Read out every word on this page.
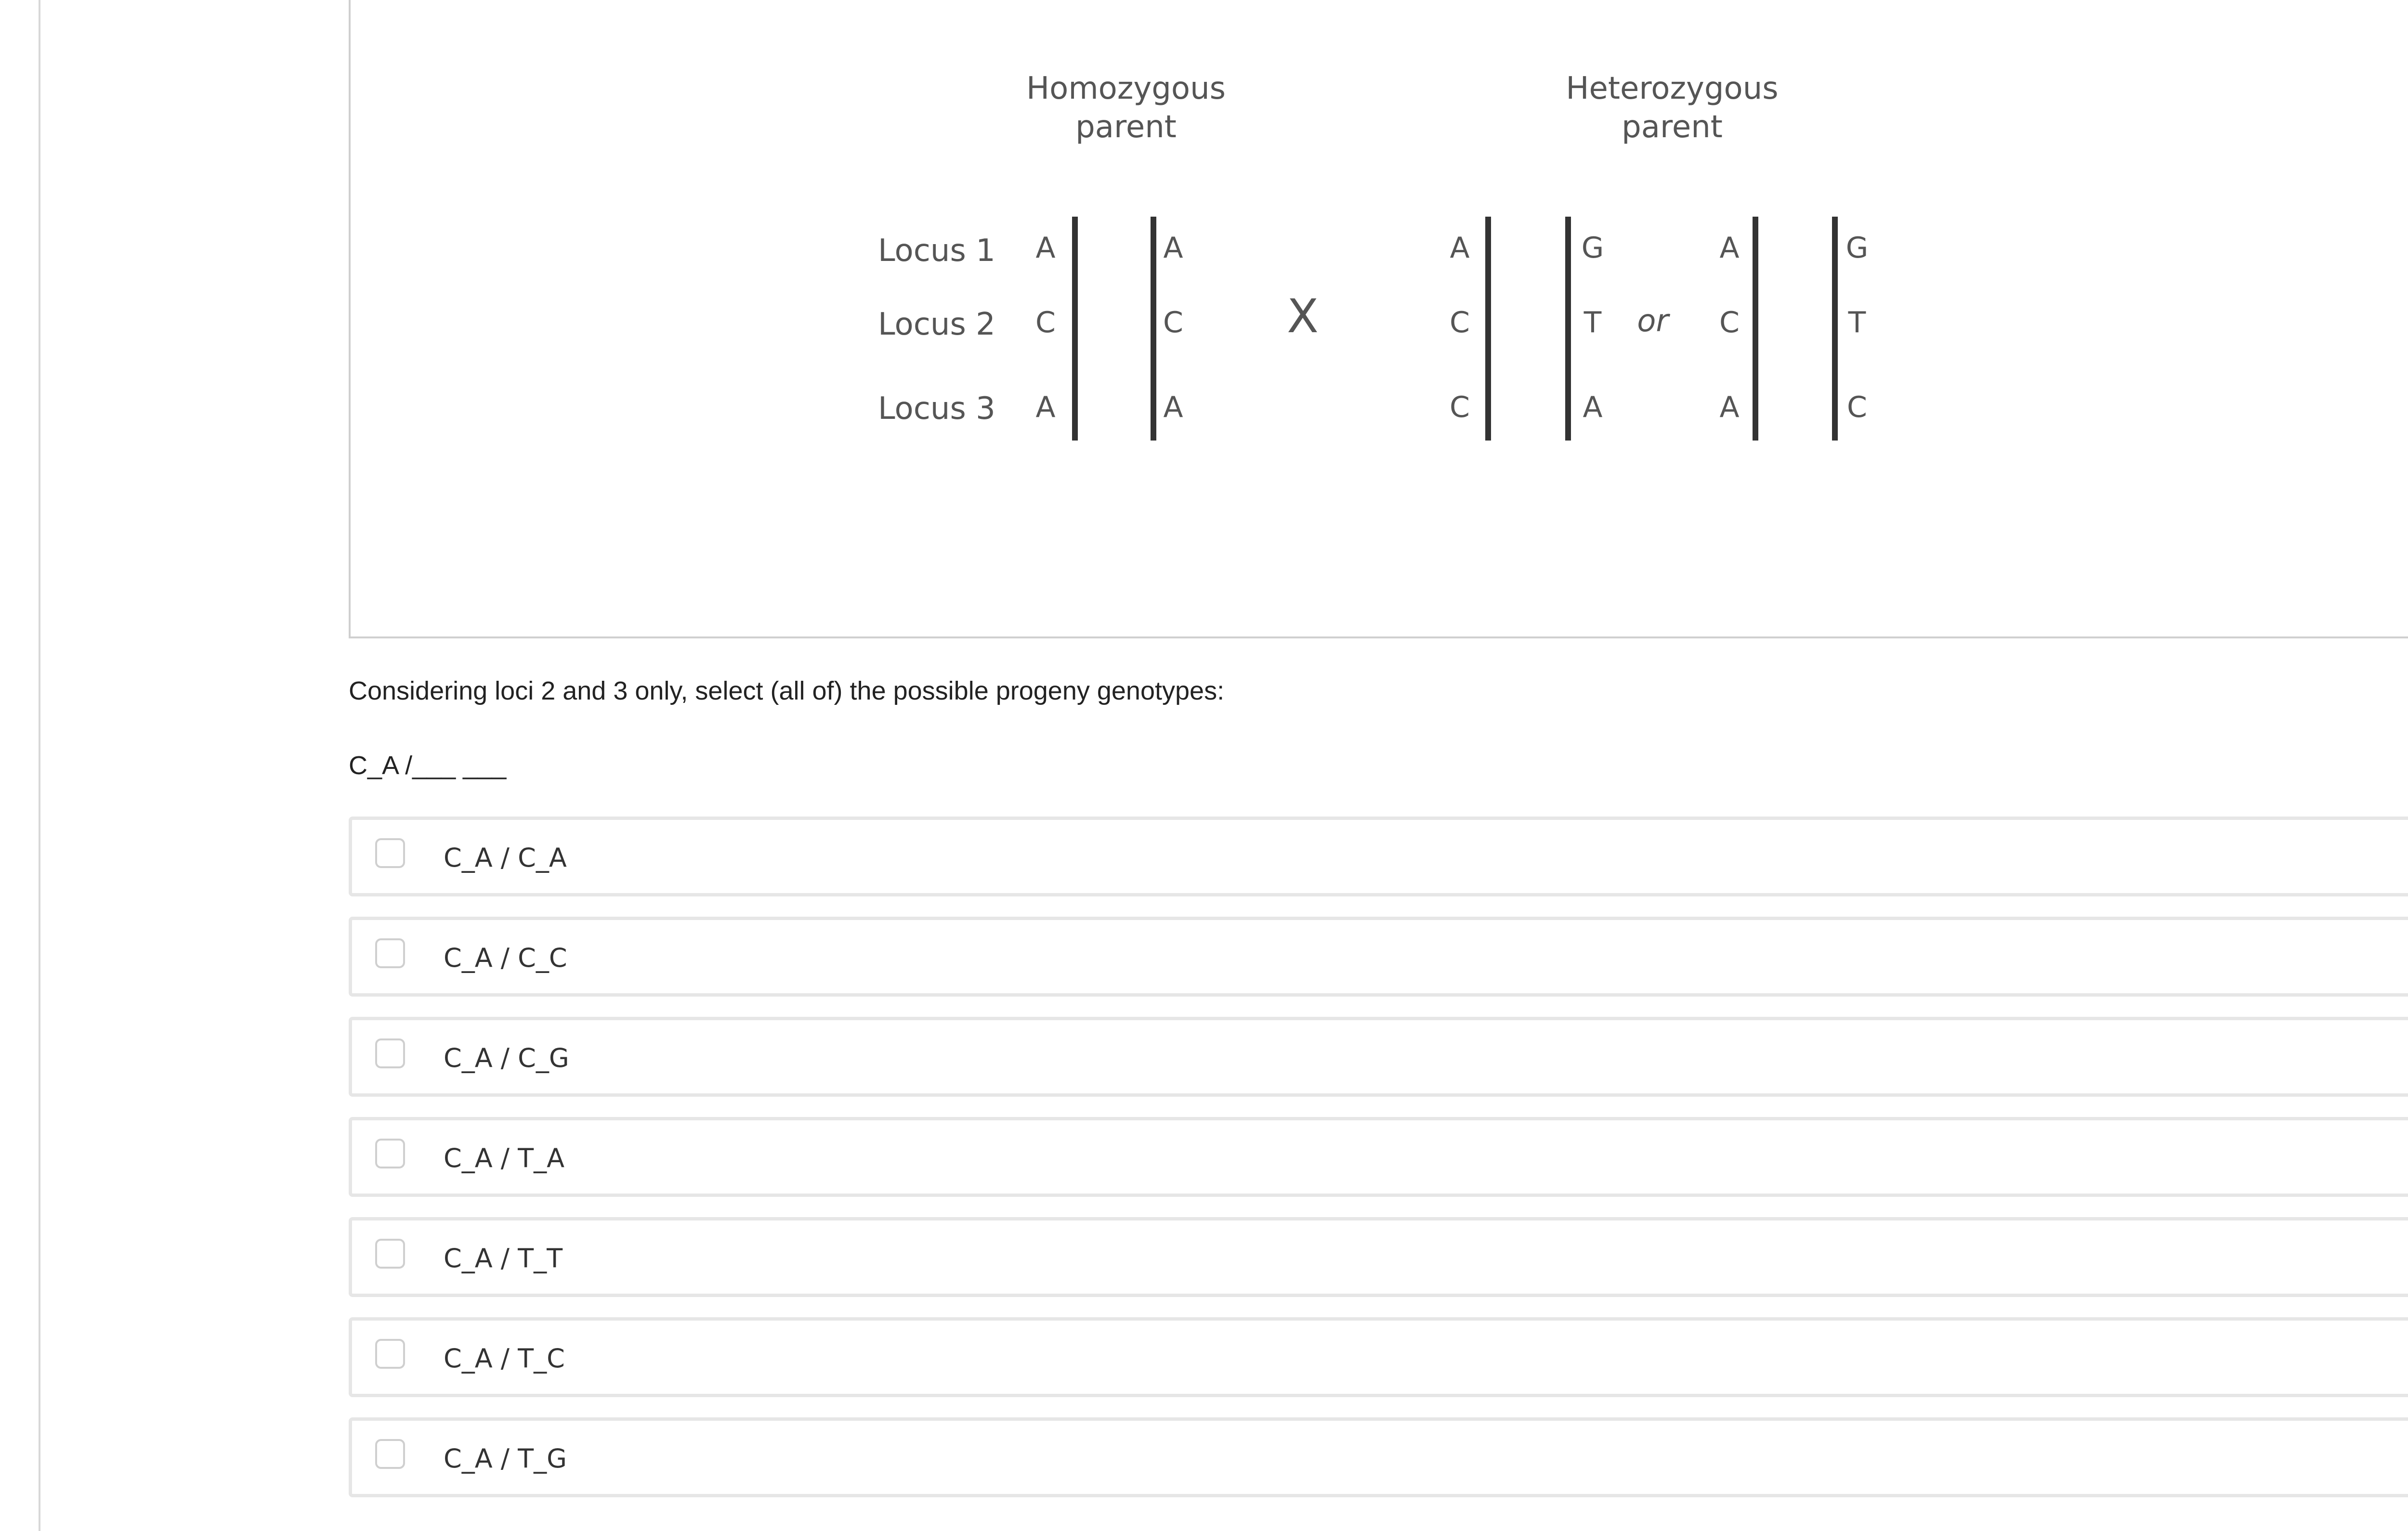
Homozygous
parent
Heterozygous
parent
Locus 1
Locus 2
Locus 3
A
C
A
A
C
A
X
A
C
C
G
T
A
or
A
C
A
G
T
C
Considering loci 2 and 3 only, select (all of) the possible progeny genotypes:
C_A /___ ___
C_A / C_A
C_A / C_C
C_A / C_G
C_A / T_A
C_A / T_T
C_A / T_C
C_A / T_G
